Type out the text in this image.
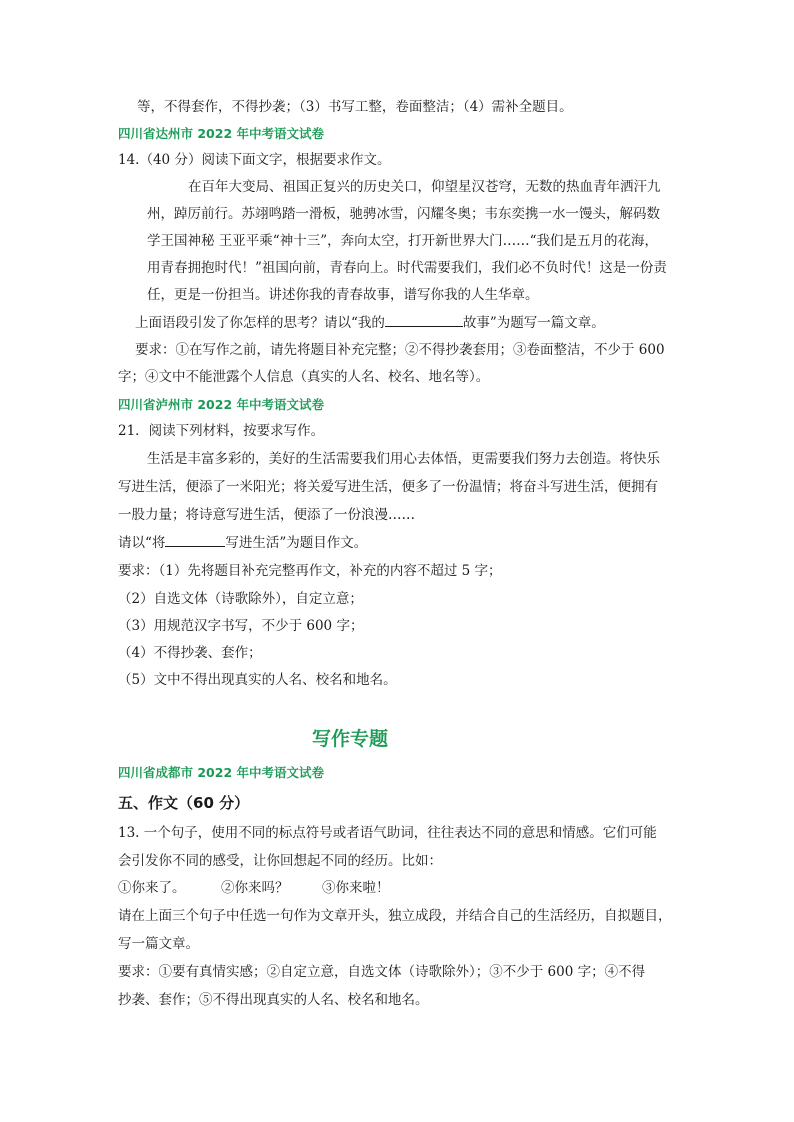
等，不得套作，不得抄袭；（3）书写工整，卷面整洁；（4）需补全题目。
四川省达州市 2022 年中考语文试卷
14.（40 分）阅读下面文字，根据要求作文。
在百年大变局、祖国正复兴的历史关口，仰望星汉苍穹，无数的热血青年洒汗九
州，踔厉前行。苏翊鸣踏一滑板，驰骋冰雪，闪耀冬奥；韦东奕携一水一馒头，解码数
学王国神秘 王亚平乘“神十三”，奔向太空，打开新世界大门……“我们是五月的花海，
用青春拥抱时代！”祖国向前，青春向上。时代需要我们，我们必不负时代！这是一份责
任，更是一份担当。讲述你我的青春故事，谱写你我的人生华章。
上面语段引发了你怎样的思考？请以“我的	故事”为题写一篇文章。
要求：①在写作之前，请先将题目补充完整；②不得抄袭套用；③卷面整洁，不少于 600
字；④文中不能泄露个人信息（真实的人名、校名、地名等）。
四川省泸州市 2022 年中考语文试卷
21．阅读下列材料，按要求写作。
生活是丰富多彩的，美好的生活需要我们用心去体悟，更需要我们努力去创造。将快乐
写进生活，便添了一米阳光；将关爱写进生活，便多了一份温情；将奋斗写进生活，便拥有
一股力量；将诗意写进生活，便添了一份浪漫……
请以“将	写进生活”为题目作文。
要求：（1）先将题目补充完整再作文，补充的内容不超过 5 字；
（2）自选文体（诗歌除外），自定立意；
（3）用规范汉字书写，不少于 600 字；
（4）不得抄袭、套作；
（5）文中不得出现真实的人名、校名和地名。
写作专题
四川省成都市 2022 年中考语文试卷
五、作文（60 分）
13. 一个句子，使用不同的标点符号或者语气助词，往往表达不同的意思和情感。它们可能
会引发你不同的感受，让你回想起不同的经历。比如：
①你来了。	②你来吗？ ③你来啦！
请在上面三个句子中任选一句作为文章开头，独立成段，并结合自己的生活经历，自拟题目，
写一篇文章。
要求：①要有真情实感；②自定立意，自选文体（诗歌除外）；③不少于 600 字；④不得
抄袭、套作；⑤不得出现真实的人名、校名和地名。
